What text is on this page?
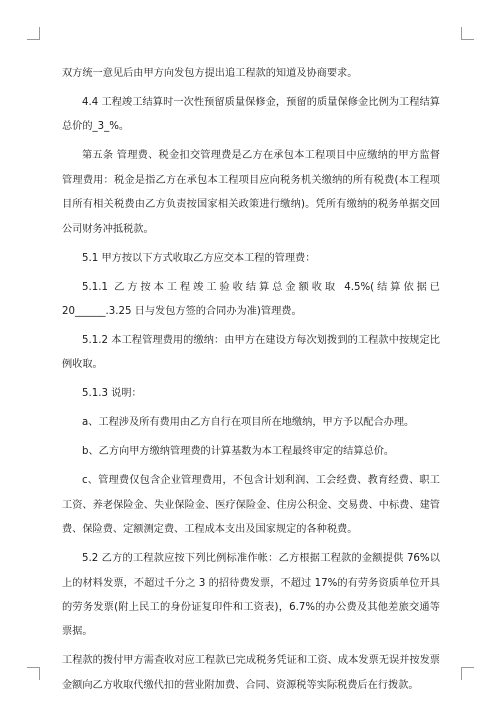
双方统一意见后由甲方向发包方提出追工程款的知道及协商要求。

4.4 工程竣工结算时一次性预留质量保修金，预留的质量保修金比例为工程结算总价的_3_%。

第五条 管理费、税金扣交管理费是乙方在承包本工程项目中应缴纳的甲方监督管理费用：税金是指乙方在承包本工程项目应向税务机关缴纳的所有税费(本工程项目所有相关税费由乙方负责按国家相关政策进行缴纳)。凭所有缴纳的税务单据交回公司财务冲抵税款。

5.1 甲方按以下方式收取乙方应交本工程的管理费：

5.1.1 乙方按本工程竣工验收结算总金额收取 4.5%(结算依据已 20______.3.25 日与发包方签的合同办为准)管理费。

5.1.2 本工程管理费用的缴纳：由甲方在建设方每次划拨到的工程款中按规定比例收取。

5.1.3 说明：

a、工程涉及所有费用由乙方自行在项目所在地缴纳，甲方予以配合办理。

b、乙方向甲方缴纳管理费的计算基数为本工程最终审定的结算总价。

c、管理费仅包含企业管理费用，不包含计划利润、工会经费、教育经费、职工工资、养老保险金、失业保险金、医疗保险金、住房公积金、交易费、中标费、建管费、保险费、定额测定费、工程成本支出及国家规定的各种税费。

5.2 乙方的工程款应按下列比例标准作帐：乙方根据工程款的金额提供 76%以上的材料发票，不超过千分之 3 的招待费发票，不超过 17%的有劳务资质单位开具的劳务发票(附上民工的身份证复印件和工资表)，6.7%的办公费及其他差旅交通等票据。

工程款的拨付甲方需查收对应工程款已完成税务凭证和工资、成本发票无误并按发票金额向乙方收取代缴代扣的营业附加费、合同、资源税等实际税费后在行拨款。
